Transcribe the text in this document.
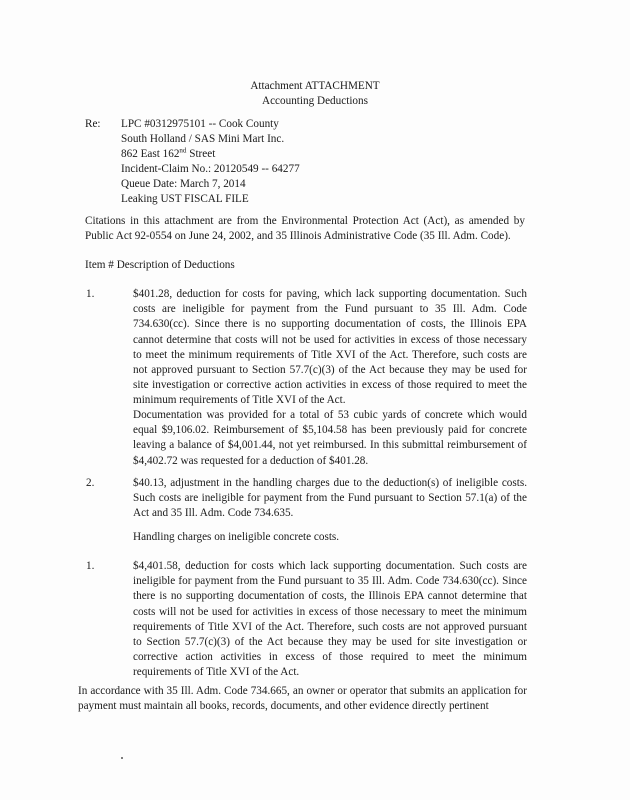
Attachment ATTACHMENT
Accounting Deductions
Re: LPC #0312975101 -- Cook County
South Holland / SAS Mini Mart Inc.
862 East 162nd Street
Incident-Claim No.: 20120549 -- 64277
Queue Date: March 7, 2014
Leaking UST FISCAL FILE
Citations in this attachment are from the Environmental Protection Act (Act), as amended by Public Act 92-0554 on June 24, 2002, and 35 Illinois Administrative Code (35 Ill. Adm. Code).
Item # Description of Deductions
1.	$401.28, deduction for costs for paving, which lack supporting documentation. Such costs are ineligible for payment from the Fund pursuant to 35 Ill. Adm. Code 734.630(cc). Since there is no supporting documentation of costs, the Illinois EPA cannot determine that costs will not be used for activities in excess of those necessary to meet the minimum requirements of Title XVI of the Act. Therefore, such costs are not approved pursuant to Section 57.7(c)(3) of the Act because they may be used for site investigation or corrective action activities in excess of those required to meet the minimum requirements of Title XVI of the Act.
Documentation was provided for a total of 53 cubic yards of concrete which would equal $9,106.02. Reimbursement of $5,104.58 has been previously paid for concrete leaving a balance of $4,001.44, not yet reimbursed. In this submittal reimbursement of $4,402.72 was requested for a deduction of $401.28.
2.	$40.13, adjustment in the handling charges due to the deduction(s) of ineligible costs. Such costs are ineligible for payment from the Fund pursuant to Section 57.1(a) of the Act and 35 Ill. Adm. Code 734.635.
Handling charges on ineligible concrete costs.
1.	$4,401.58, deduction for costs which lack supporting documentation. Such costs are ineligible for payment from the Fund pursuant to 35 Ill. Adm. Code 734.630(cc). Since there is no supporting documentation of costs, the Illinois EPA cannot determine that costs will not be used for activities in excess of those necessary to meet the minimum requirements of Title XVI of the Act. Therefore, such costs are not approved pursuant to Section 57.7(c)(3) of the Act because they may be used for site investigation or corrective action activities in excess of those required to meet the minimum requirements of Title XVI of the Act.
In accordance with 35 Ill. Adm. Code 734.665, an owner or operator that submits an application for payment must maintain all books, records, documents, and other evidence directly pertinent
